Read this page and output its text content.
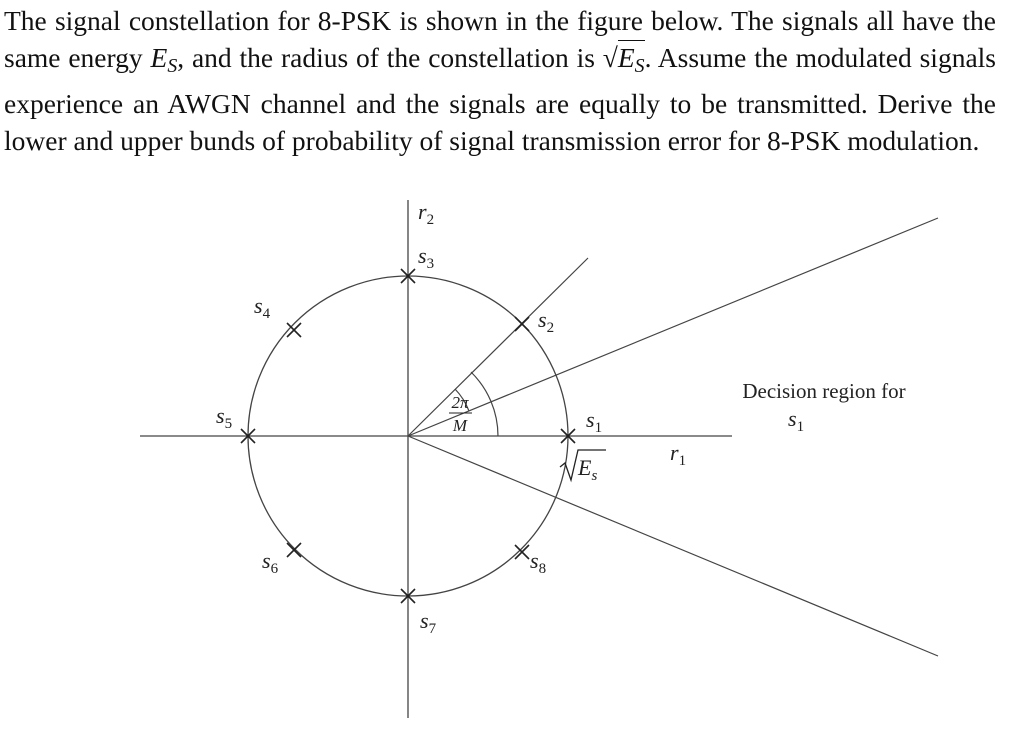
The signal constellation for 8-PSK is shown in the figure below. The signals all have the same energy $E_S$, and the radius of the constellation is $√E_S$. Assume the modulated signals experience an AWGN channel and the signals are equally to be transmitted. Derive the lower and upper bunds of probability of signal transmission error for 8-PSK modulation.

$r_2$
$r_1$
$s_1$
$s_2$
$s_3$
$s_4$
$s_5$
$s_6$
$s_7$
$s_8$
$E_s$
2π
M
Decision region for
$s_1$
